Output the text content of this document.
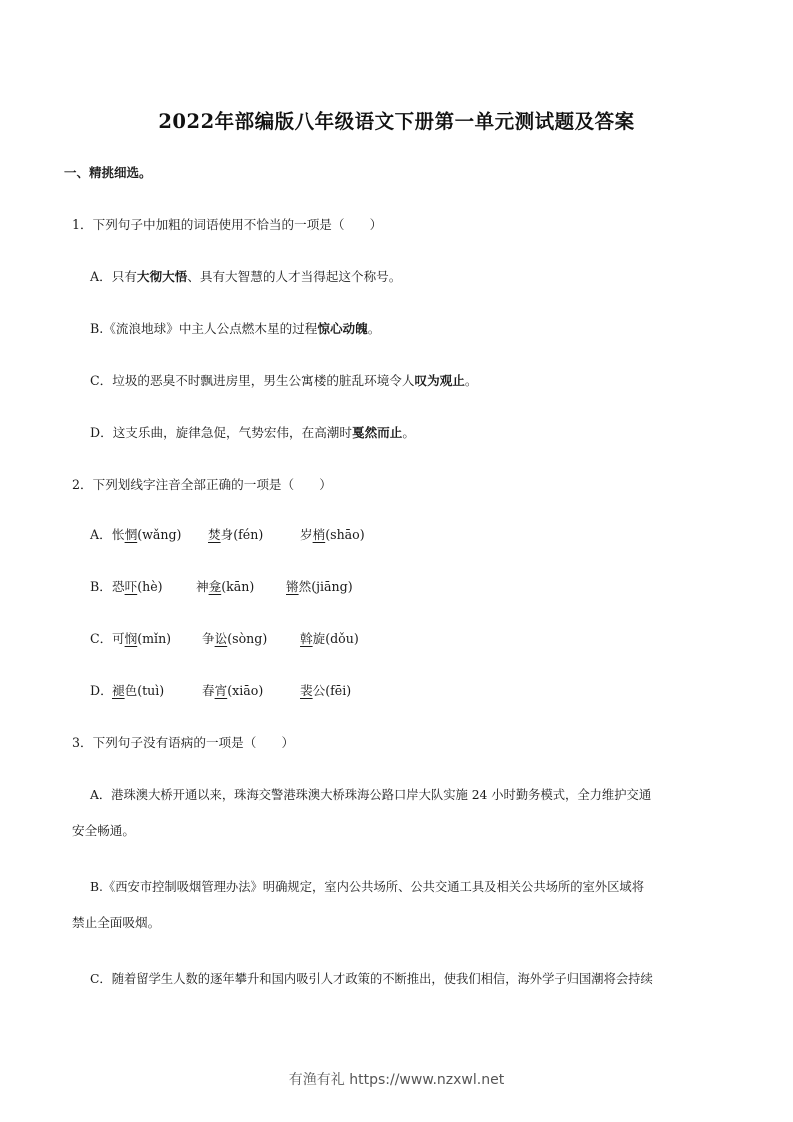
2022年部编版八年级语文下册第一单元测试题及答案
一、精挑细选。
1．下列句子中加粗的词语使用不恰当的一项是（　　）
A．只有大彻大悟、具有大智慧的人才当得起这个称号。
B.《流浪地球》中主人公点燃木星的过程惊心动魄。
C．垃圾的恶臭不时飘进房里，男生公寓楼的脏乱环境令人叹为观止。
D．这支乐曲，旋律急促，气势宏伟，在高潮时戛然而止。
2．下列划线字注音全部正确的一项是（　　）
A． 怅惘(wǎng) 焚身(fén)	岁梢(shāo)
B． 恐吓(hè)	神龛(kān)	锵然(jiāng)
C． 可悯(mǐn) 争讼(sòng)	斡旋(dǒu)
D． 褪色(tuì)	春宵(xiāo)	裴公(fēi)
3．下列句子没有语病的一项是（　　）
A．港珠澳大桥开通以来，珠海交警港珠澳大桥珠海公路口岸大队实施 24 小时勤务模式，全力维护交通
安全畅通。
B.《西安市控制吸烟管理办法》明确规定，室内公共场所、公共交通工具及相关公共场所的室外区域将
禁止全面吸烟。
C．随着留学生人数的逐年攀升和国内吸引人才政策的不断推出，使我们相信，海外学子归国潮将会持续
有渔有礼 https://www.nzxwl.net
